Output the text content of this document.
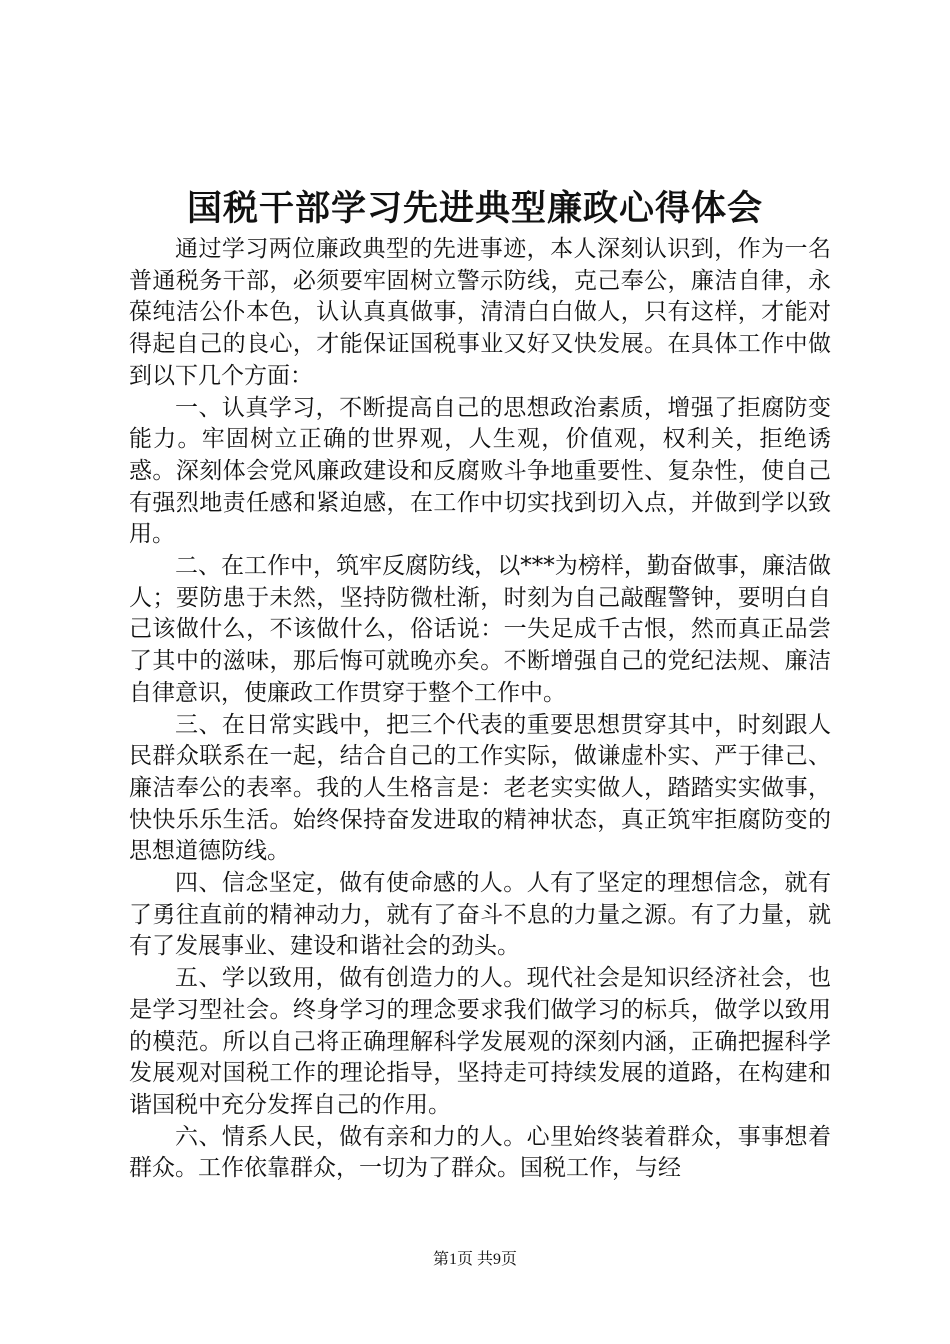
国税干部学习先进典型廉政心得体会

通过学习两位廉政典型的先进事迹，本人深刻认识到，作为一名普通税务干部，必须要牢固树立警示防线，克己奉公，廉洁自律，永葆纯洁公仆本色，认认真真做事，清清白白做人，只有这样，才能对得起自己的良心，才能保证国税事业又好又快发展。在具体工作中做到以下几个方面：

一、认真学习，不断提高自己的思想政治素质，增强了拒腐防变能力。牢固树立正确的世界观，人生观，价值观，权利关，拒绝诱惑。深刻体会党风廉政建设和反腐败斗争地重要性、复杂性，使自己有强烈地责任感和紧迫感，在工作中切实找到切入点，并做到学以致用。

二、在工作中，筑牢反腐防线，以***为榜样，勤奋做事，廉洁做人；要防患于未然，坚持防微杜渐，时刻为自己敲醒警钟，要明白自己该做什么，不该做什么，俗话说：一失足成千古恨，然而真正品尝了其中的滋味，那后悔可就晚亦矣。不断增强自己的党纪法规、廉洁自律意识，使廉政工作贯穿于整个工作中。

三、在日常实践中，把三个代表的重要思想贯穿其中，时刻跟人民群众联系在一起，结合自己的工作实际，做谦虚朴实、严于律己、廉洁奉公的表率。我的人生格言是：老老实实做人，踏踏实实做事，快快乐乐生活。始终保持奋发进取的精神状态，真正筑牢拒腐防变的思想道德防线。

四、信念坚定，做有使命感的人。人有了坚定的理想信念，就有了勇往直前的精神动力，就有了奋斗不息的力量之源。有了力量，就有了发展事业、建设和谐社会的劲头。

五、学以致用，做有创造力的人。现代社会是知识经济社会，也是学习型社会。终身学习的理念要求我们做学习的标兵，做学以致用的模范。所以自己将正确理解科学发展观的深刻内涵，正确把握科学发展观对国税工作的理论指导，坚持走可持续发展的道路，在构建和谐国税中充分发挥自己的作用。

六、情系人民，做有亲和力的人。心里始终装着群众，事事想着群众。工作依靠群众，一切为了群众。国税工作，与经

第1页 共9页
